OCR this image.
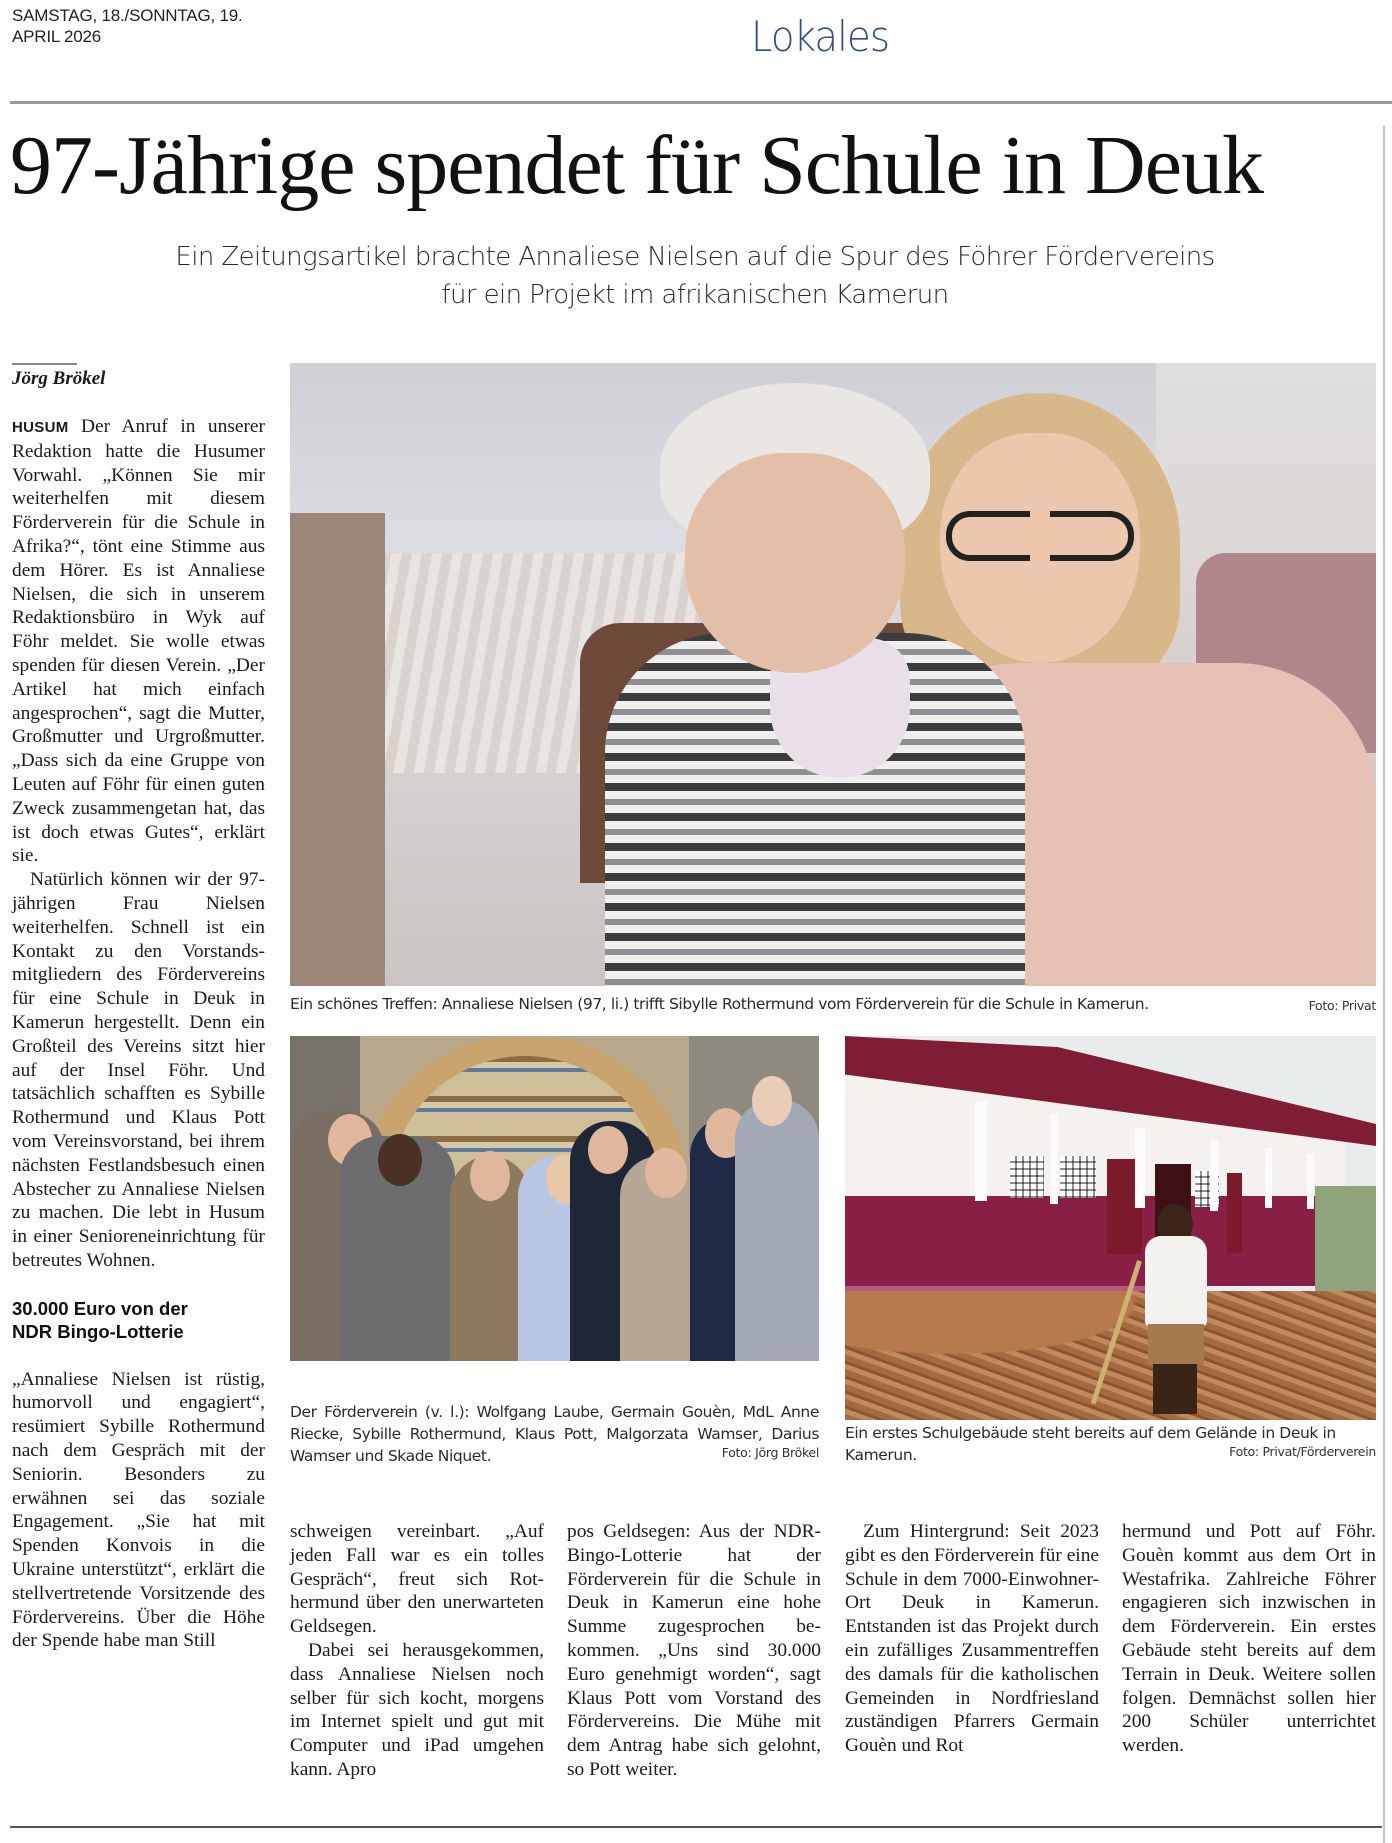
SAMSTAG, 18./SONNTAG, 19.
APRIL 2026	Lokales
97-Jährige spendet für Schule in Deuk
Ein Zeitungsartikel brachte Annaliese Nielsen auf die Spur des Föhrer Fördervereins
für ein Projekt im afrikanischen Kamerun
Jörg Brökel

HUSUM Der Anruf in unserer Redaktion hatte die Husumer Vorwahl. „Können Sie mir weiterhelfen mit diesem Förderverein für die Schule in Afrika?“, tönt eine Stimme aus dem Hörer. Es ist Annaliese Nielsen, die sich in unserem Redaktionsbüro in Wyk auf Föhr meldet. Sie wolle etwas spenden für diesen Verein. „Der Artikel hat mich einfach angesprochen“, sagt die Mutter, Großmutter und Urgroßmutter. „Dass sich da eine Gruppe von Leuten auf Föhr für einen guten Zweck zusammengetan hat, das ist doch etwas Gutes“, erklärt sie.

Natürlich können wir der 97-jährigen Frau Nielsen weiterhelfen. Schnell ist ein Kontakt zu den Vorstandsmitgliedern des Fördervereins für eine Schule in Deuk in Kamerun hergestellt. Denn ein Großteil des Vereins sitzt hier auf der Insel Föhr. Und tatsächlich schafften es Sybille Rothermund und Klaus Pott vom Vereinsvorstand, bei ihrem nächsten Festlandsbesuch einen Abstecher zu Annaliese Nielsen zu machen. Die lebt in Husum in einer Senioreneinrichtung für betreutes Wohnen.

30.000 Euro von der
NDR Bingo-Lotterie

„Annaliese Nielsen ist rüstig, humorvoll und engagiert“, resümiert Sybille Rothermund nach dem Gespräch mit der Seniorin. Besonders zu erwähnen sei das soziale Engagement. „Sie hat mit Spenden Konvois in die Ukraine unterstützt“, erklärt die stellvertretende Vorsitzende des Fördervereins. Über die Höhe der Spende habe man Still

Ein schönes Treffen: Annaliese Nielsen (97, li.) trifft Sibylle Rothermund vom Förderverein für die Schule in Kamerun.	Foto: Privat
Der Förderverein (v. l.): Wolfgang Laube, Germain Gouèn, MdL Anne Riecke, Sybille Rothermund, Klaus Pott, Malgorzata Wamser, Darius Wamser und Skade Niquet.	Foto: Jörg Brökel
Ein erstes Schulgebäude steht bereits auf dem Gelände in Deuk in Kamerun.	Foto: Privat/Förderverein

schweigen vereinbart. „Auf jeden Fall war es ein tolles Gespräch“, freut sich Rothermund über den unerwarteten Geldsegen.

Dabei sei herausgekommen, dass Annaliese Nielsen noch selber für sich kocht, morgens im Internet spielt und gut mit Computer und iPad umgehen kann. Apro

pos Geldsegen: Aus der NDR-Bingo-Lotterie hat der Förderverein für die Schule in Deuk in Kamerun eine hohe Summe zugesprochen bekommen. „Uns sind 30.000 Euro genehmigt worden“, sagt Klaus Pott vom Vorstand des Fördervereins. Die Mühe mit dem Antrag habe sich gelohnt, so Pott weiter.

Zum Hintergrund: Seit 2023 gibt es den Förderverein für eine Schule in dem 7000-Einwohner-Ort Deuk in Kamerun. Entstanden ist das Projekt durch ein zufälliges Zusammentreffen des damals für die katholischen Gemeinden in Nordfriesland zuständigen Pfarrers Germain Gouèn und Rot

hermund und Pott auf Föhr. Gouèn kommt aus dem Ort in Westafrika. Zahlreiche Föhrer engagieren sich inzwischen in dem Förderverein. Ein erstes Gebäude steht bereits auf dem Terrain in Deuk. Weitere sollen folgen. Demnächst sollen hier 200 Schüler unterrichtet werden.
